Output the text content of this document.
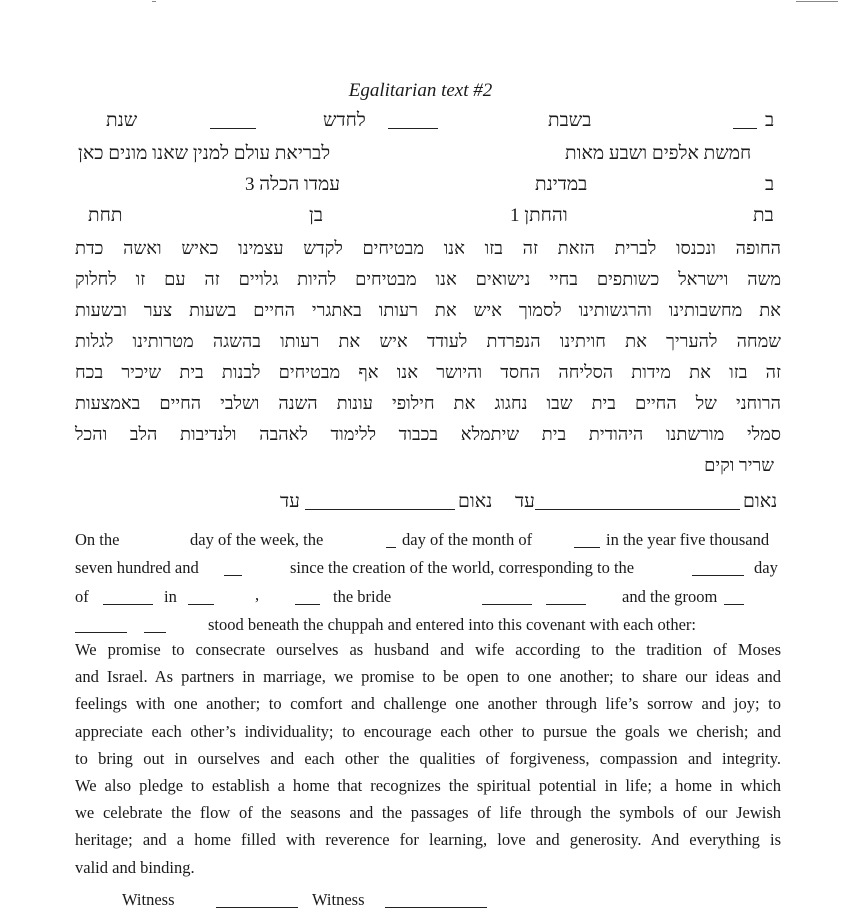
Egalitarian text #2
ב
בשבת
לחדש
שנת
חמשת אלפים ושבע מאות
לבריאת עולם למנין שאנו מונים כאן
ב
במדינת
עמדו הכלה 3
בת
והחתן 1
בן
תחת
החופה ונכנסו לברית הזאת זה בזו אנו מבטיחים לקדש עצמינו כאיש ואשה כדת
משה וישראל כשותפים בחיי נישואים אנו מבטיחים להיות גלויים זה עם זו לחלוק
את מחשבותינו והרגשותינו לסמוך איש את רעותו באתגרי החיים בשעות צער ובשעות
שמחה להעריך את חויתינו הנפרדת לעודד איש את רעותו בהשגה מטרותינו לגלות
זה בזו את מידות הסליחה החסד והיושר אנו אף מבטיחים לבנות בית שיכיר בכח
הרוחני של החיים בית שבו נחגוג את חילופי עונות השנה ושלבי החיים באמצעות
סמלי מורשתנו היהודית בית שיתמלא בכבוד ללימוד לאהבה ולנדיבות הלב והכל
שריר וקים
נאום
עד
נאום
עד
On the	day of the week, the	day of the month of	in the year five thousand
seven hundred and	since the creation of the world, corresponding to the	day
of	in	,	the bride	and the groom
stood beneath the chuppah and entered into this covenant with each other:
We promise to consecrate ourselves as husband and wife according to the tradition of Moses
and Israel. As partners in marriage, we promise to be open to one another; to share our ideas and
feelings with one another; to comfort and challenge one another through life’s sorrow and joy; to
appreciate each other’s individuality; to encourage each other to pursue the goals we cherish; and
to bring out in ourselves and each other the qualities of forgiveness, compassion and integrity.
We also pledge to establish a home that recognizes the spiritual potential in life; a home in which
we celebrate the flow of the seasons and the passages of life through the symbols of our Jewish
heritage; and a home filled with reverence for learning, love and generosity. And everything is
valid and binding.
Witness	Witness
